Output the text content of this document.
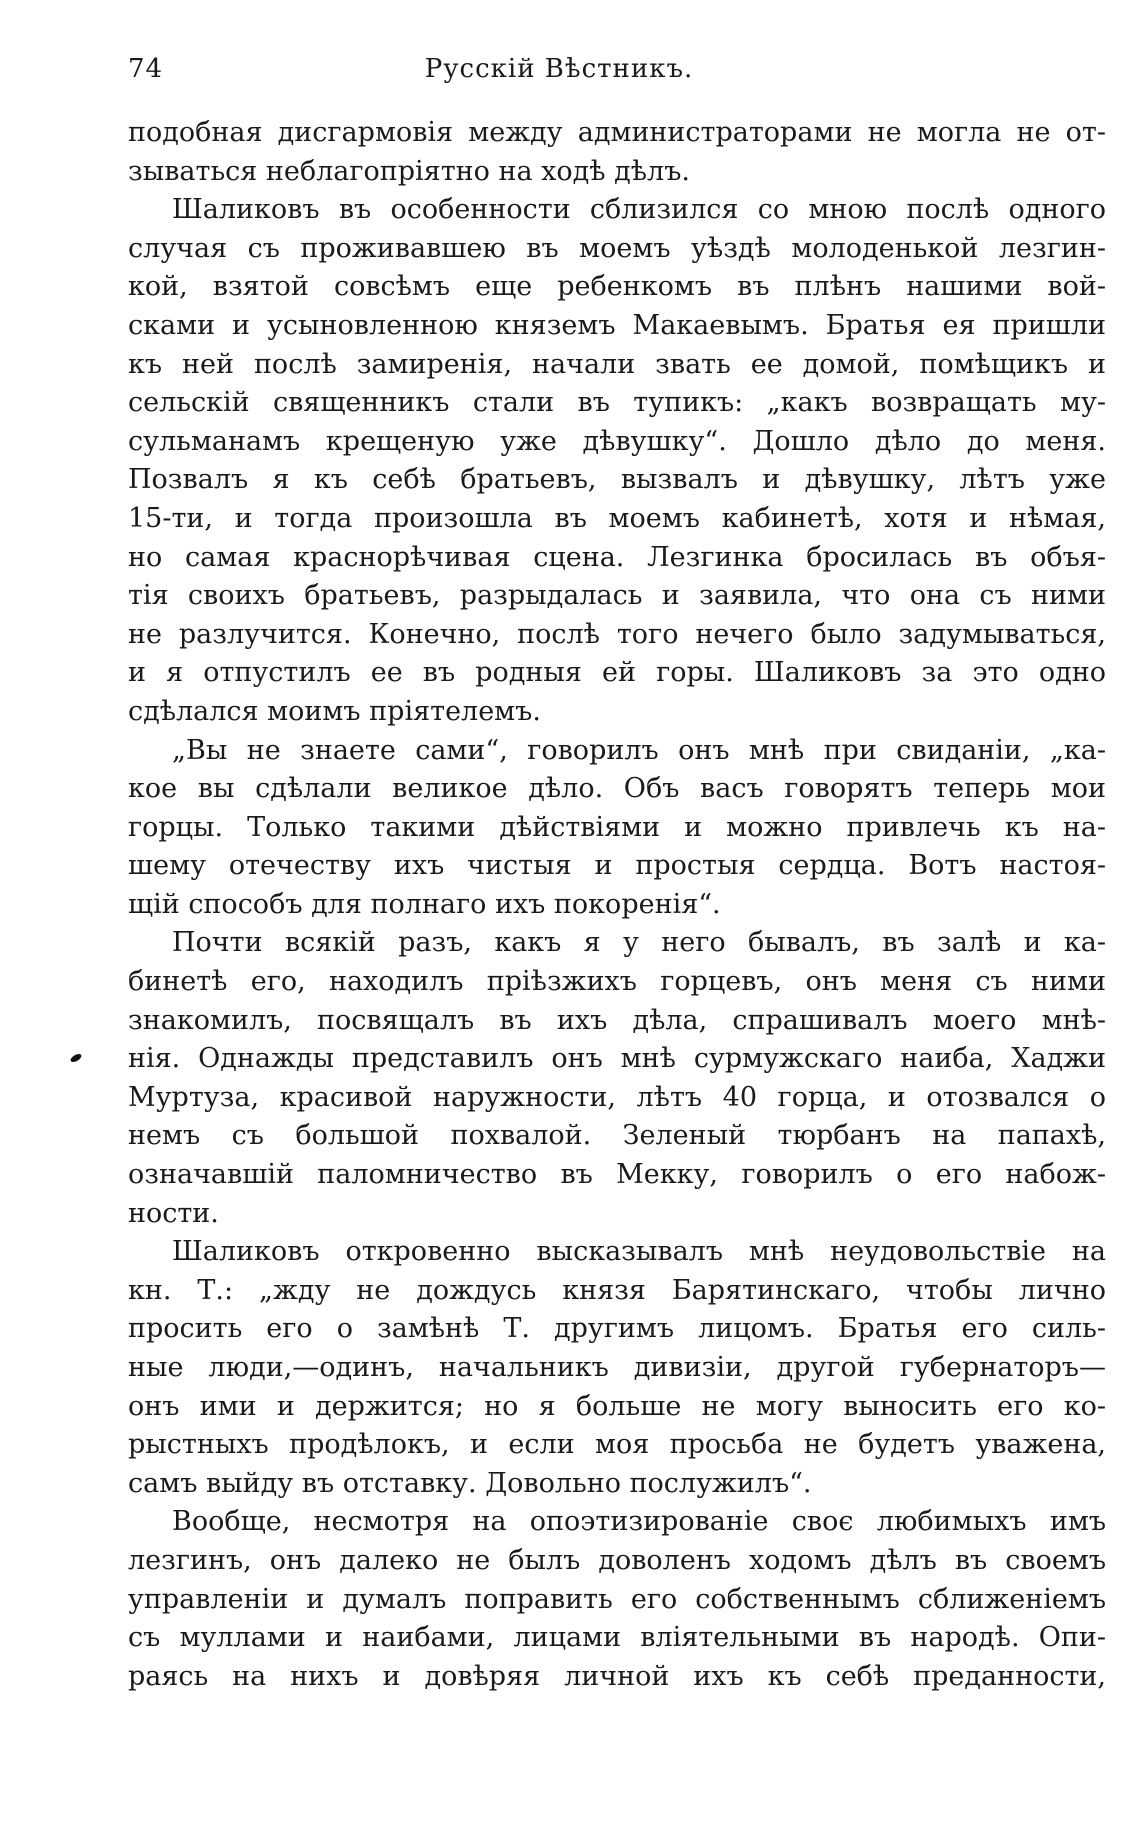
74	Русскій Вѣстникъ.
подобная дисгармовія между администраторами не могла не от-
зываться неблагопріятно на ходѣ дѣлъ.
Шаликовъ въ особенности сблизился со мною послѣ одного
случая съ проживавшею въ моемъ уѣздѣ молоденькой лезгин-
кой, взятой совсѣмъ еще ребенкомъ въ плѣнъ нашими вой-
сками и усыновленною княземъ Макаевымъ. Братья ея пришли
къ ней послѣ замиренія, начали звать ее домой, помѣщикъ и
сельскій священникъ стали въ тупикъ: „какъ возвращать му-
сульманамъ крещеную уже дѣвушку“. Дошло дѣло до меня.
Позвалъ я къ себѣ братьевъ, вызвалъ и дѣвушку, лѣтъ уже
15-ти, и тогда произошла въ моемъ кабинетѣ, хотя и нѣмая,
но самая краснорѣчивая сцена. Лезгинка бросилась въ объя-
тія своихъ братьевъ, разрыдалась и заявила, что она съ ними
не разлучится. Конечно, послѣ того нечего было задумываться,
и я отпустилъ ее въ родныя ей горы. Шаликовъ за это одно
сдѣлался моимъ пріятелемъ.
„Вы не знаете сами“, говорилъ онъ мнѣ при свиданіи, „ка-
кое вы сдѣлали великое дѣло. Объ васъ говорятъ теперь мои
горцы. Только такими дѣйствіями и можно привлечь къ на-
шему отечеству ихъ чистыя и простыя сердца. Вотъ настоя-
щій способъ для полнаго ихъ покоренія“.
Почти всякій разъ, какъ я у него бывалъ, въ залѣ и ка-
бинетѣ его, находилъ пріѣзжихъ горцевъ, онъ меня съ ними
знакомилъ, посвящалъ въ ихъ дѣла, спрашивалъ моего мнѣ-
нія. Однажды представилъ онъ мнѣ сурмужскаго наиба, Хаджи
Муртуза, красивой наружности, лѣтъ 40 горца, и отозвался о
немъ съ большой похвалой. Зеленый тюрбанъ на папахѣ,
означавшій паломничество въ Мекку, говорилъ о его набож-
ности.
Шаликовъ откровенно высказывалъ мнѣ неудовольствіе на
кн. Т.: „жду не дождусь князя Барятинскаго, чтобы лично
просить его о замѣнѣ Т. другимъ лицомъ. Братья его силь-
ные люди,—одинъ, начальникъ дивизіи, другой губернаторъ—
онъ ими и держится; но я больше не могу выносить его ко-
рыстныхъ продѣлокъ, и если моя просьба не будетъ уважена,
самъ выйду въ отставку. Довольно послужилъ“.
Вообще, несмотря на опоэтизированіе своє любимыхъ имъ
лезгинъ, онъ далеко не былъ доволенъ ходомъ дѣлъ въ своемъ
управленіи и думалъ поправить его собственнымъ сближеніемъ
съ муллами и наибами, лицами вліятельными въ народѣ. Опи-
раясь на нихъ и довѣряя личной ихъ къ себѣ преданности,
